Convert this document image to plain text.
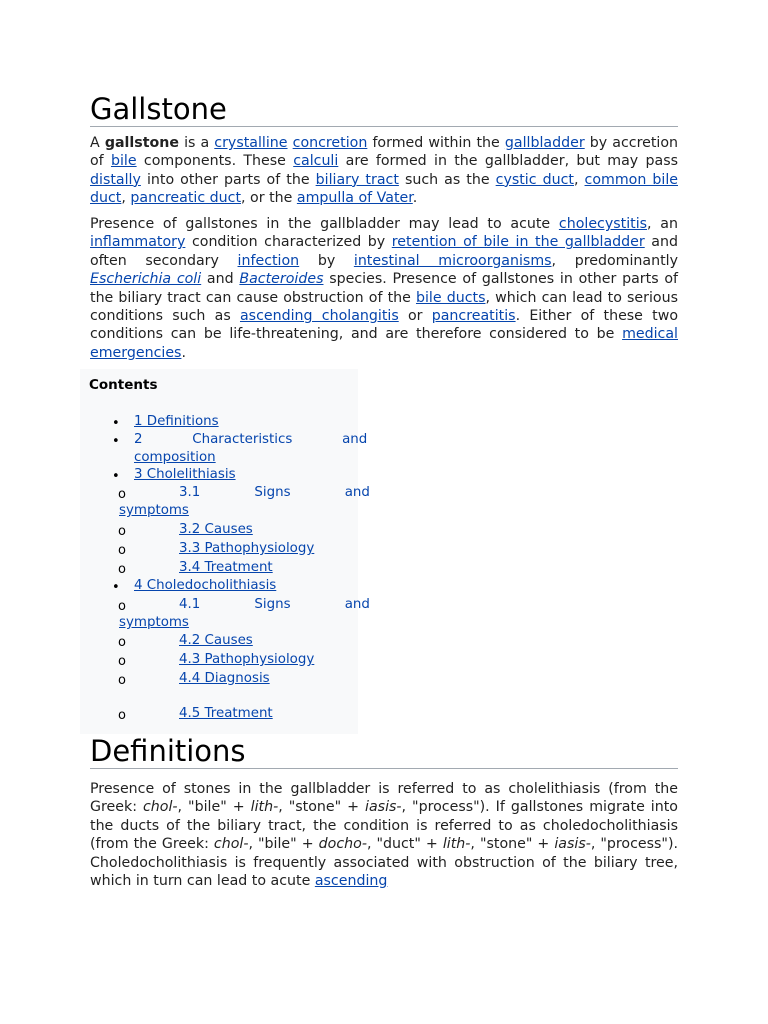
Gallstone

A gallstone is a crystalline concretion formed within the gallbladder by accretion of bile components. These calculi are formed in the gallbladder, but may pass distally into other parts of the biliary tract such as the cystic duct, common bile duct, pancreatic duct, or the ampulla of Vater.

Presence of gallstones in the gallbladder may lead to acute cholecystitis, an inflammatory condition characterized by retention of bile in the gallbladder and often secondary infection by intestinal microorganisms, predominantly Escherichia coli and Bacteroides species. Presence of gallstones in other parts of the biliary tract can cause obstruction of the bile ducts, which can lead to serious conditions such as ascending cholangitis or pancreatitis. Either of these two conditions can be life-threatening, and are therefore considered to be medical emergencies.

Definitions

Presence of stones in the gallbladder is referred to as cholelithiasis (from the Greek: chol-, "bile" + lith-, "stone" + iasis-, "process"). If gallstones migrate into the ducts of the biliary tract, the condition is referred to as choledocholithiasis (from the Greek: chol-, "bile" + docho-, "duct" + lith-, "stone" + iasis-, "process"). Choledocholithiasis is frequently associated with obstruction of the biliary tree, which in turn can lead to acute ascending

Contents
• 1 Definitions
• 2 Characteristics	and
composition
• 3 Cholelithiasis
o	3.1 Signs	and
symptoms
o	3.2 Causes
o	3.3 Pathophysiology
o	3.4 Treatment
• 4 Choledocholithiasis
o	4.1 Signs	and
symptoms
o	4.2 Causes
o	4.3 Pathophysiology
o	4.4 Diagnosis
o	4.5 Treatment
